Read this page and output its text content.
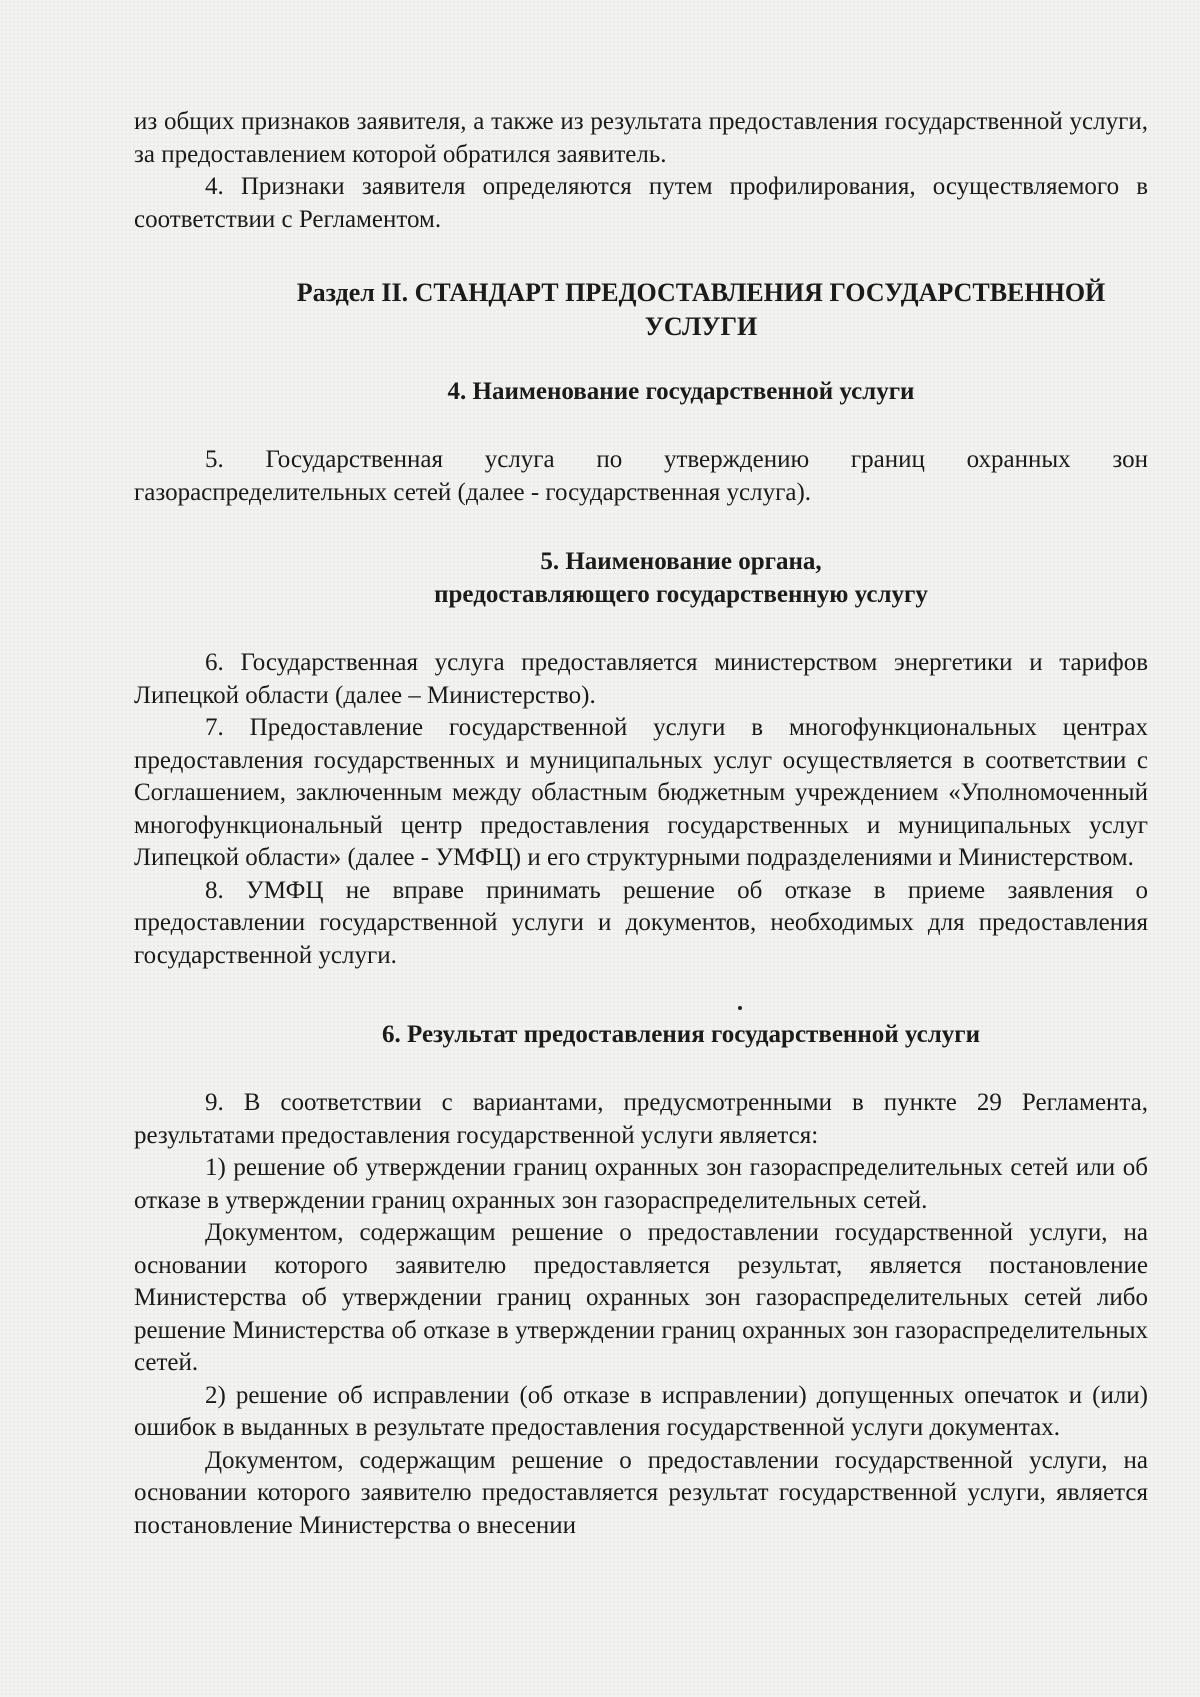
из общих признаков заявителя, а также из результата предоставления государственной услуги, за предоставлением которой обратился заявитель.

4. Признаки заявителя определяются путем профилирования, осуществляемого в соответствии с Регламентом.

Раздел II. СТАНДАРТ ПРЕДОСТАВЛЕНИЯ ГОСУДАРСТВЕННОЙ
УСЛУГИ
4. Наименование государственной услуги

5. Государственная услуга по утверждению границ охранных зон газораспределительных сетей (далее - государственная услуга).

5. Наименование органа,
предоставляющего государственную услугу

6. Государственная услуга предоставляется министерством энергетики и тарифов Липецкой области (далее – Министерство).

7. Предоставление государственной услуги в многофункциональных центрах предоставления государственных и муниципальных услуг осуществляется в соответствии с Соглашением, заключенным между областным бюджетным учреждением «Уполномоченный многофункциональный центр предоставления государственных и муниципальных услуг Липецкой области» (далее - УМФЦ) и его структурными подразделениями и Министерством.

8. УМФЦ не вправе принимать решение об отказе в приеме заявления о предоставлении государственной услуги и документов, необходимых для предоставления государственной услуги.

6. Результат предоставления государственной услуги

9. В соответствии с вариантами, предусмотренными в пункте 29 Регламента, результатами предоставления государственной услуги является:

1) решение об утверждении границ охранных зон газораспределительных сетей или об отказе в утверждении границ охранных зон газораспределительных сетей.

Документом, содержащим решение о предоставлении государственной услуги, на основании которого заявителю предоставляется результат, является постановление Министерства об утверждении границ охранных зон газораспределительных сетей либо решение Министерства об отказе в утверждении границ охранных зон газораспределительных сетей.

2) решение об исправлении (об отказе в исправлении) допущенных опечаток и (или) ошибок в выданных в результате предоставления государственной услуги документах.

Документом, содержащим решение о предоставлении государственной услуги, на основании которого заявителю предоставляется результат государственной услуги, является постановление Министерства о внесении
